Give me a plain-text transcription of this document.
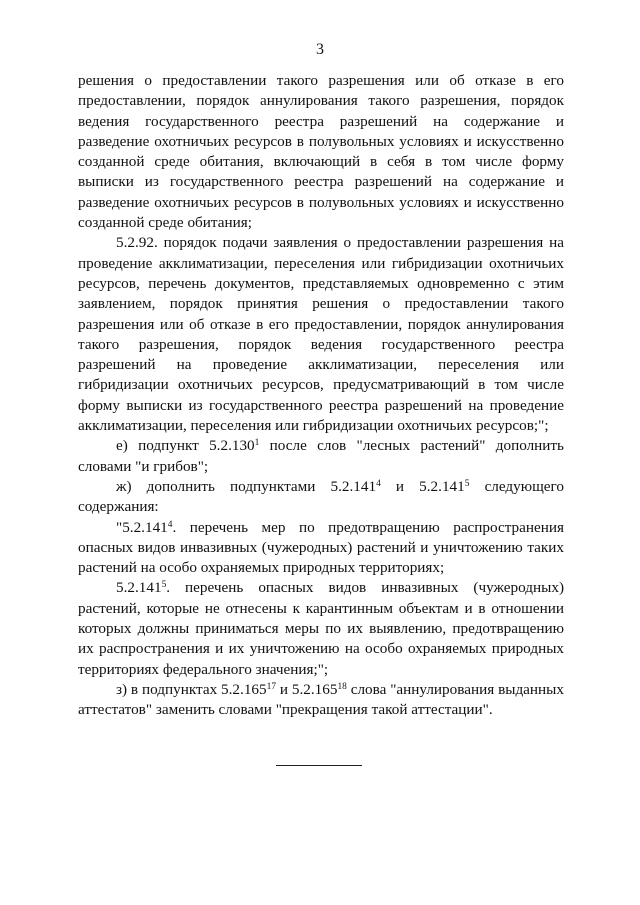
3

решения о предоставлении такого разрешения или об отказе в его предоставлении, порядок аннулирования такого разрешения, порядок ведения государственного реестра разрешений на содержание и разведение охотничьих ресурсов в полувольных условиях и искусственно созданной среде обитания, включающий в себя в том числе форму выписки из государственного реестра разрешений на содержание и разведение охотничьих ресурсов в полувольных условиях и искусственно созданной среде обитания;

5.2.92. порядок подачи заявления о предоставлении разрешения на проведение акклиматизации, переселения или гибридизации охотничьих ресурсов, перечень документов, представляемых одновременно с этим заявлением, порядок принятия решения о предоставлении такого разрешения или об отказе в его предоставлении, порядок аннулирования такого разрешения, порядок ведения государственного реестра разрешений на проведение акклиматизации, переселения или гибридизации охотничьих ресурсов, предусматривающий в том числе форму выписки из государственного реестра разрешений на проведение акклиматизации, переселения или гибридизации охотничьих ресурсов;";

е) подпункт 5.2.130$^1$ после слов "лесных растений" дополнить словами "и грибов";

ж) дополнить подпунктами 5.2.141$^4$ и 5.2.141$^5$ следующего содержания:

"5.2.141$^4$. перечень мер по предотвращению распространения опасных видов инвазивных (чужеродных) растений и уничтожению таких растений на особо охраняемых природных территориях;

5.2.141$^5$. перечень опасных видов инвазивных (чужеродных) растений, которые не отнесены к карантинным объектам и в отношении которых должны приниматься меры по их выявлению, предотвращению их распространения и их уничтожению на особо охраняемых природных территориях федерального значения;";

з) в подпунктах 5.2.165$^{17}$ и 5.2.165$^{18}$ слова "аннулирования выданных аттестатов" заменить словами "прекращения такой аттестации".
